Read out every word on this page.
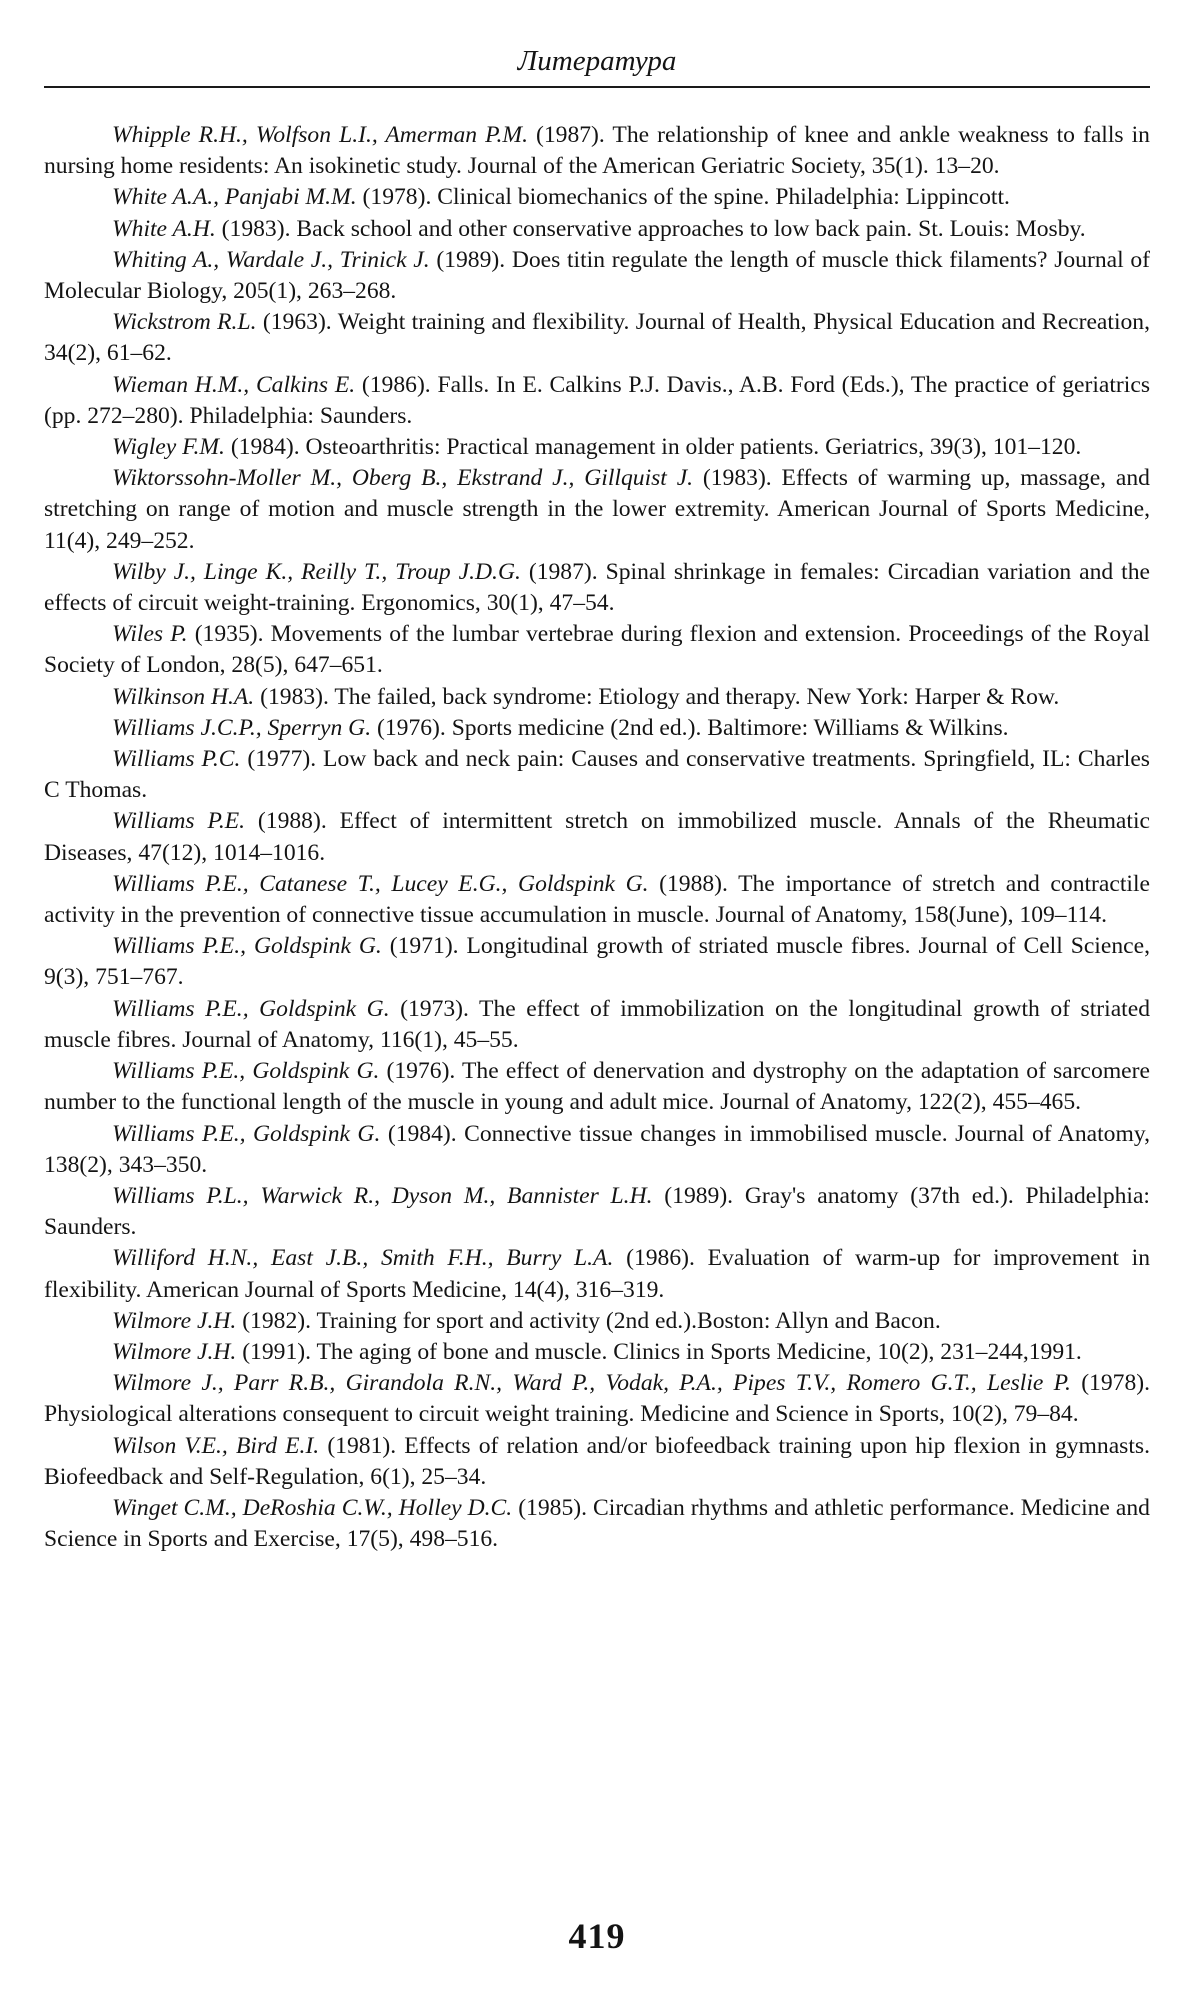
Литература

Whipple R.H., Wolfson L.I., Amerman P.M. (1987). The relationship of knee and ankle weakness to falls in nursing home residents: An isokinetic study. Journal of the American Geriatric Society, 35(1). 13–20.

White A.A., Panjabi M.M. (1978). Clinical biomechanics of the spine. Philadelphia: Lippincott.

White A.H. (1983). Back school and other conservative approaches to low back pain. St. Louis: Mosby.

Whiting A., Wardale J., Trinick J. (1989). Does titin regulate the length of muscle thick filaments? Journal of Molecular Biology, 205(1), 263–268.

Wickstrom R.L. (1963). Weight training and flexibility. Journal of Health, Physical Education and Recreation, 34(2), 61–62.

Wieman H.M., Calkins E. (1986). Falls. In E. Calkins P.J. Davis., A.B. Ford (Eds.), The practice of geriatrics (pp. 272–280). Philadelphia: Saunders.

Wigley F.M. (1984). Osteoarthritis: Practical management in older patients. Geriatrics, 39(3), 101–120.

Wiktorssohn-Moller M., Oberg B., Ekstrand J., Gillquist J. (1983). Effects of warming up, massage, and stretching on range of motion and muscle strength in the lower extremity. American Journal of Sports Medicine, 11(4), 249–252.

Wilby J., Linge K., Reilly T., Troup J.D.G. (1987). Spinal shrinkage in females: Circadian variation and the effects of circuit weight-training. Ergonomics, 30(1), 47–54.

Wiles P. (1935). Movements of the lumbar vertebrae during flexion and extension. Proceedings of the Royal Society of London, 28(5), 647–651.

Wilkinson H.A. (1983). The failed, back syndrome: Etiology and therapy. New York: Harper & Row.

Williams J.C.P., Sperryn G. (1976). Sports medicine (2nd ed.). Baltimore: Williams & Wilkins.

Williams P.C. (1977). Low back and neck pain: Causes and conservative treatments. Springfield, IL: Charles C Thomas.

Williams P.E. (1988). Effect of intermittent stretch on immobilized muscle. Annals of the Rheumatic Diseases, 47(12), 1014–1016.

Williams P.E., Catanese T., Lucey E.G., Goldspink G. (1988). The importance of stretch and contractile activity in the prevention of connective tissue accumulation in muscle. Journal of Anatomy, 158(June), 109–114.

Williams P.E., Goldspink G. (1971). Longitudinal growth of striated muscle fibres. Journal of Cell Science, 9(3), 751–767.

Williams P.E., Goldspink G. (1973). The effect of immobilization on the longitudinal growth of striated muscle fibres. Journal of Anatomy, 116(1), 45–55.

Williams P.E., Goldspink G. (1976). The effect of denervation and dystrophy on the adaptation of sarcomere number to the functional length of the muscle in young and adult mice. Journal of Anatomy, 122(2), 455–465.

Williams P.E., Goldspink G. (1984). Connective tissue changes in immobilised muscle. Journal of Anatomy, 138(2), 343–350.

Williams P.L., Warwick R., Dyson M., Bannister L.H. (1989). Gray's anatomy (37th ed.). Philadelphia: Saunders.

Williford H.N., East J.B., Smith F.H., Burry L.A. (1986). Evaluation of warm-up for improvement in flexibility. American Journal of Sports Medicine, 14(4), 316–319.

Wilmore J.H. (1982). Training for sport and activity (2nd ed.).Boston: Allyn and Bacon.

Wilmore J.H. (1991). The aging of bone and muscle. Clinics in Sports Medicine, 10(2), 231–244,1991.

Wilmore J., Parr R.B., Girandola R.N., Ward P., Vodak, P.A., Pipes T.V., Romero G.T., Leslie P. (1978). Physiological alterations consequent to circuit weight training. Medicine and Science in Sports, 10(2), 79–84.

Wilson V.E., Bird E.I. (1981). Effects of relation and/or biofeedback training upon hip flexion in gymnasts. Biofeedback and Self-Regulation, 6(1), 25–34.

Winget C.M., DeRoshia C.W., Holley D.C. (1985). Circadian rhythms and athletic performance. Medicine and Science in Sports and Exercise, 17(5), 498–516.

419
